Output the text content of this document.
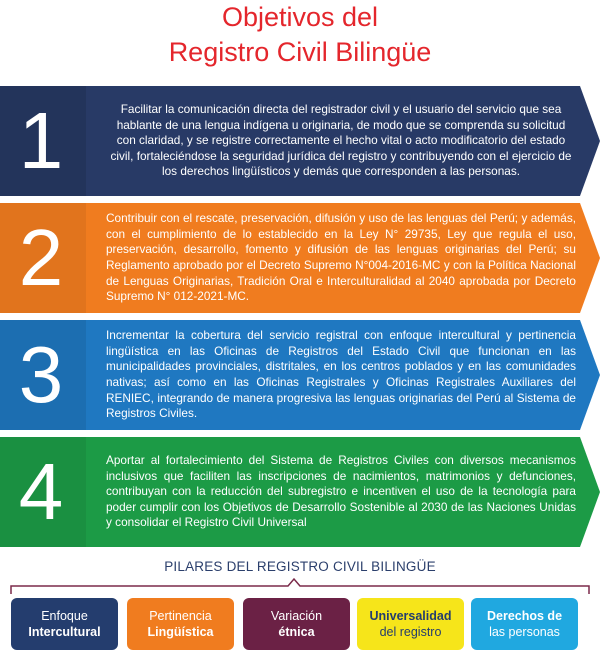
Objetivos del
Registro Civil Bilingüe
1	Facilitar la comunicación directa del registrador civil y el usuario del servicio que sea hablante de una lengua indígena u originaria, de modo que se comprenda su solicitud con claridad, y se registre correctamente el hecho vital o acto modificatorio del estado civil, fortaleciéndose la seguridad jurídica del registro y contribuyendo con el ejercicio de los derechos lingüísticos y demás que corresponden a las personas.
2	Contribuir con el rescate, preservación, difusión y uso de las lenguas del Perú; y además, con el cumplimiento de lo establecido en la Ley N° 29735, Ley que regula el uso, preservación, desarrollo, fomento y difusión de las lenguas originarias del Perú; su Reglamento aprobado por el Decreto Supremo N°004-2016-MC y con la Política Nacional de Lenguas Originarias, Tradición Oral e Interculturalidad al 2040 aprobada por Decreto Supremo N° 012-2021-MC.
3	Incrementar la cobertura del servicio registral con enfoque intercultural y pertinencia lingüística en las Oficinas de Registros del Estado Civil que funcionan en las municipalidades provinciales, distritales, en los centros poblados y en las comunidades nativas; así como en las Oficinas Registrales y Oficinas Registrales Auxiliares del RENIEC, integrando de manera progresiva las lenguas originarias del Perú al Sistema de Registros Civiles.
4	Aportar al fortalecimiento del Sistema de Registros Civiles con diversos mecanismos inclusivos que faciliten las inscripciones de nacimientos, matrimonios y defunciones, contribuyan con la reducción del subregistro e incentiven el uso de la tecnología para poder cumplir con los Objetivos de Desarrollo Sostenible al 2030 de las Naciones Unidas y consolidar el Registro Civil Universal
PILARES DEL REGISTRO CIVIL BILINGÜE
Enfoque
Intercultural
Pertinencia
Lingüística
Variación
étnica
Universalidad
del registro
Derechos de
las personas
